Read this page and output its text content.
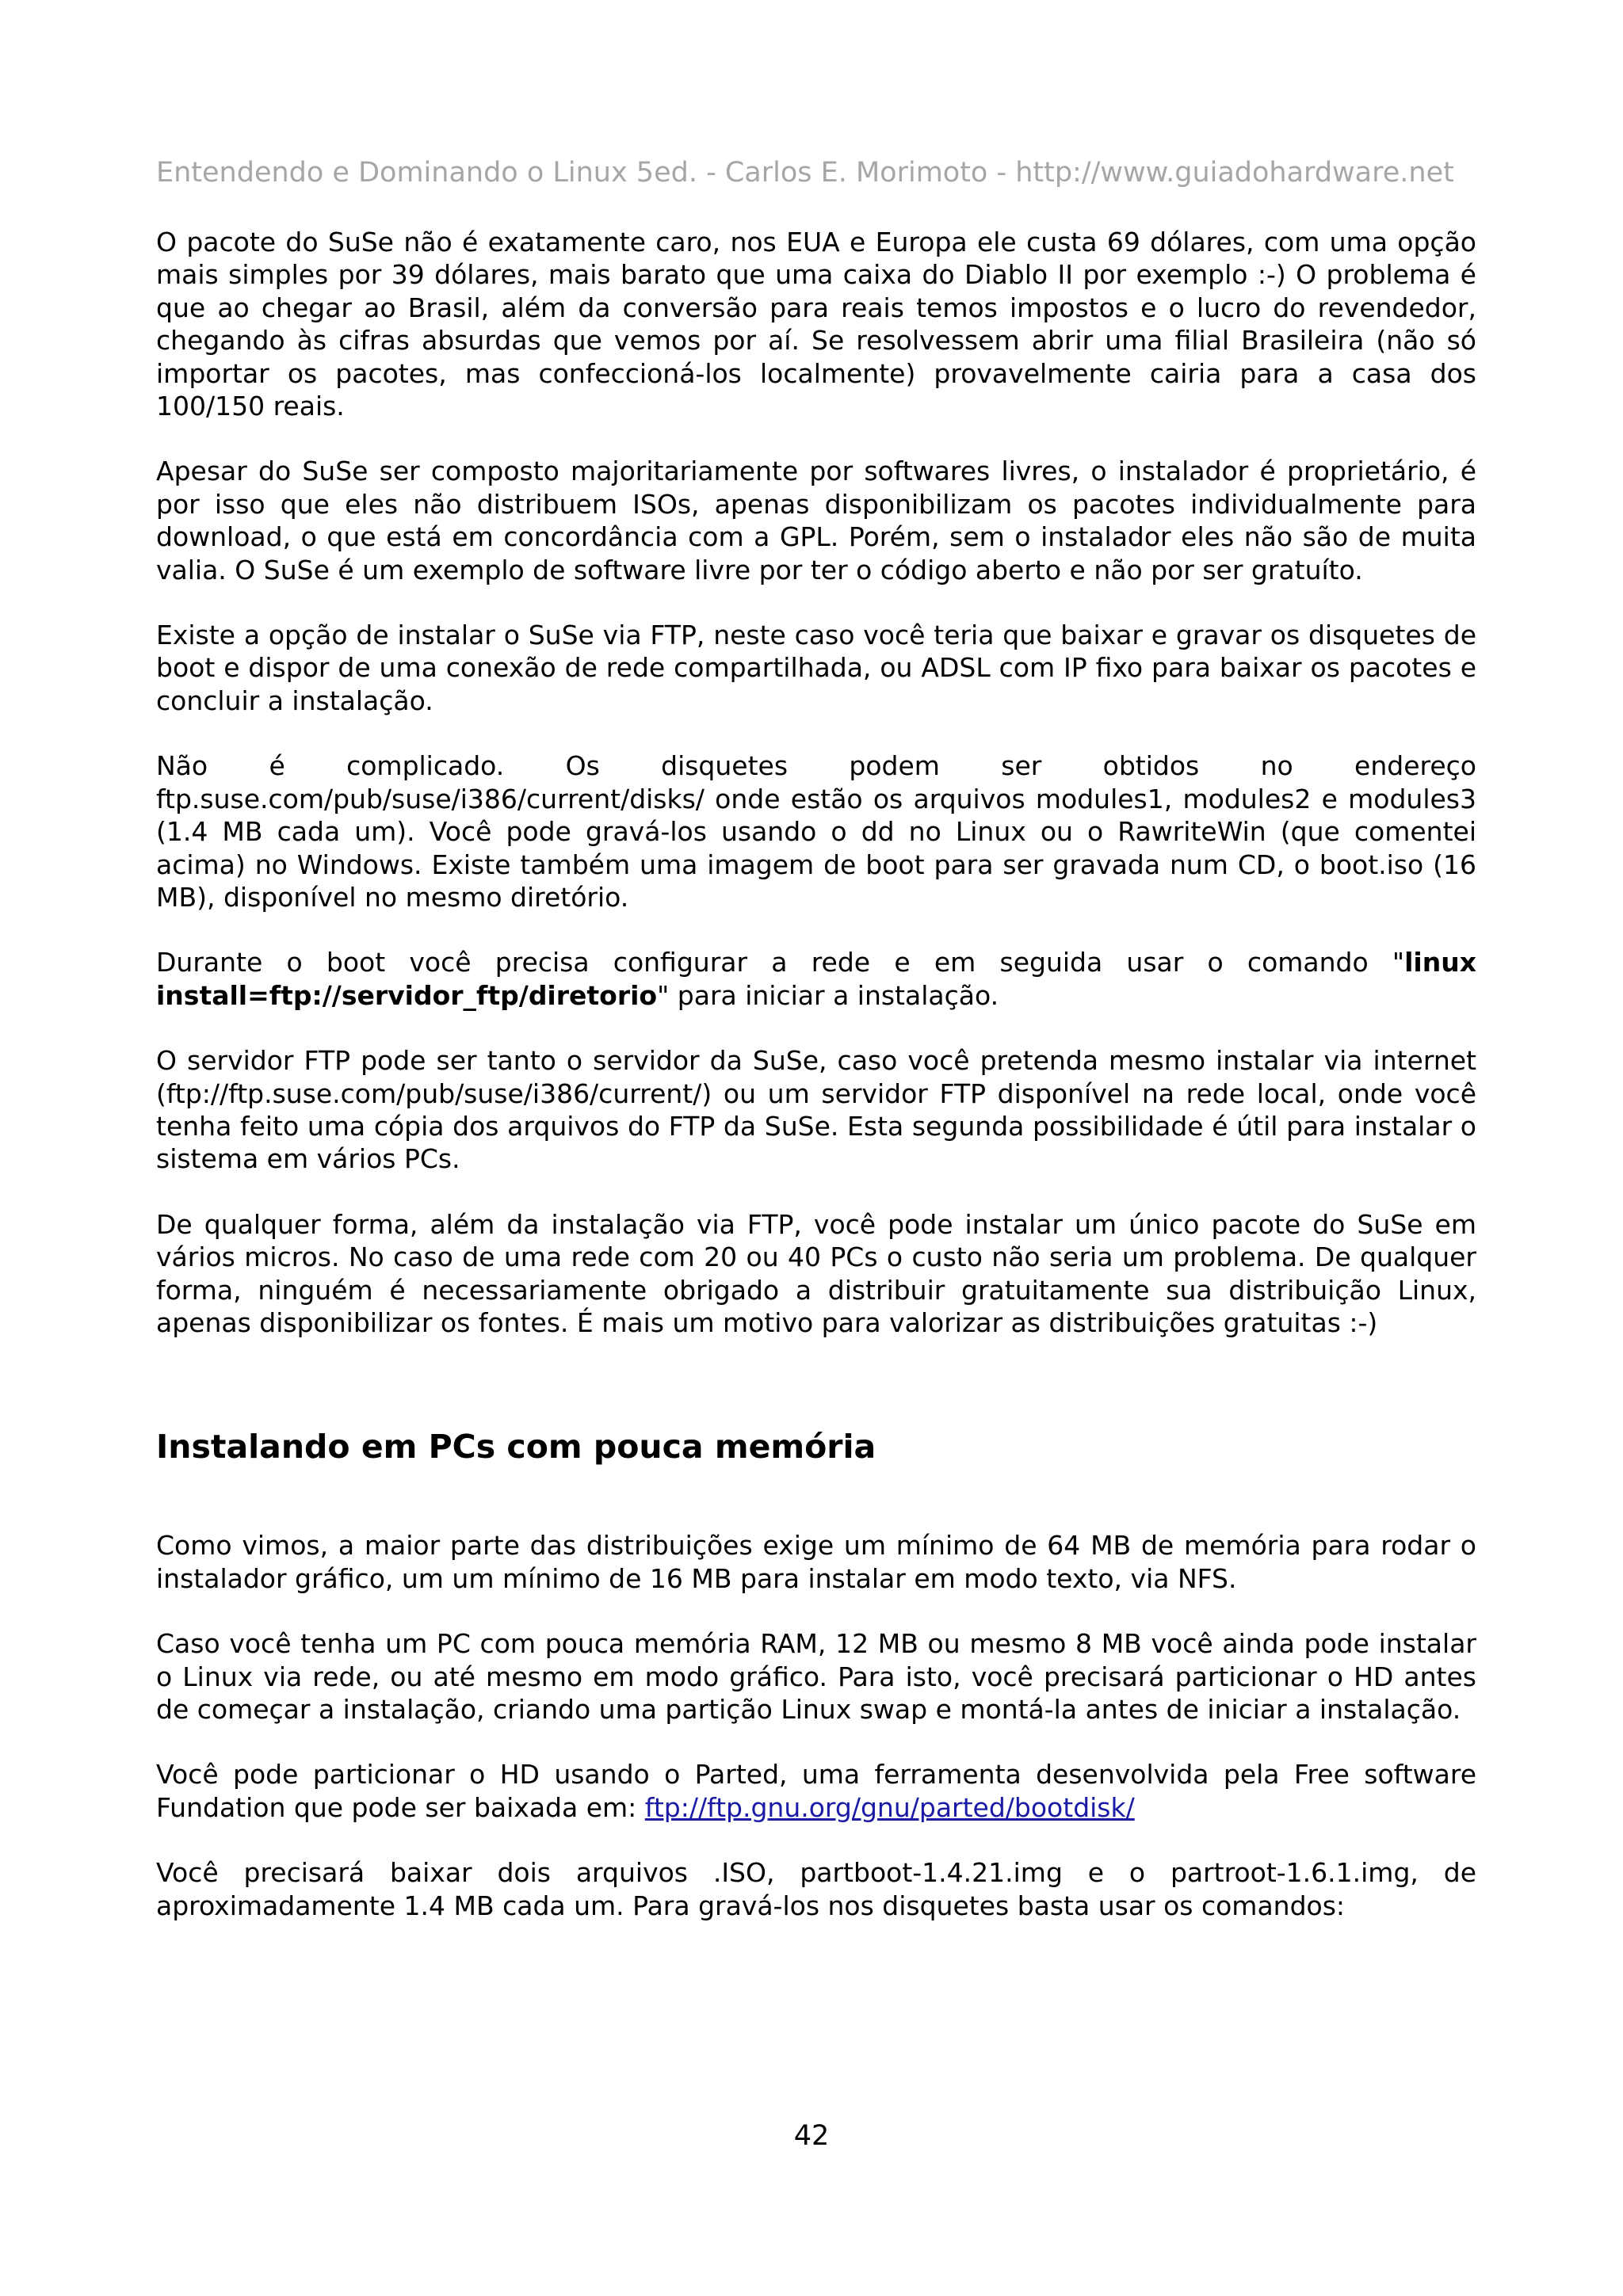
Entendendo e Dominando o Linux 5ed. - Carlos E. Morimoto - http://www.guiadohardware.net

O pacote do SuSe não é exatamente caro, nos EUA e Europa ele custa 69 dólares, com uma opção mais simples por 39 dólares, mais barato que uma caixa do Diablo II por exemplo :-) O problema é que ao chegar ao Brasil, além da conversão para reais temos impostos e o lucro do revendedor, chegando às cifras absurdas que vemos por aí. Se resolvessem abrir uma filial Brasileira (não só importar os pacotes, mas confeccioná-los localmente) provavelmente cairia para a casa dos 100/150 reais.

Apesar do SuSe ser composto majoritariamente por softwares livres, o instalador é proprietário, é por isso que eles não distribuem ISOs, apenas disponibilizam os pacotes individualmente para download, o que está em concordância com a GPL. Porém, sem o instalador eles não são de muita valia. O SuSe é um exemplo de software livre por ter o código aberto e não por ser gratuíto.

Existe a opção de instalar o SuSe via FTP, neste caso você teria que baixar e gravar os disquetes de boot e dispor de uma conexão de rede compartilhada, ou ADSL com IP fixo para baixar os pacotes e concluir a instalação.

Não é complicado. Os disquetes podem ser obtidos no endereço ftp.suse.com/pub/suse/i386/current/disks/ onde estão os arquivos modules1, modules2 e modules3 (1.4 MB cada um). Você pode gravá-los usando o dd no Linux ou o RawriteWin (que comentei acima) no Windows. Existe também uma imagem de boot para ser gravada num CD, o boot.iso (16 MB), disponível no mesmo diretório.

Durante o boot você precisa configurar a rede e em seguida usar o comando "linux install=ftp://servidor_ftp/diretorio" para iniciar a instalação.

O servidor FTP pode ser tanto o servidor da SuSe, caso você pretenda mesmo instalar via internet (ftp://ftp.suse.com/pub/suse/i386/current/) ou um servidor FTP disponível na rede local, onde você tenha feito uma cópia dos arquivos do FTP da SuSe. Esta segunda possibilidade é útil para instalar o sistema em vários PCs.

De qualquer forma, além da instalação via FTP, você pode instalar um único pacote do SuSe em vários micros. No caso de uma rede com 20 ou 40 PCs o custo não seria um problema. De qualquer forma, ninguém é necessariamente obrigado a distribuir gratuitamente sua distribuição Linux, apenas disponibilizar os fontes. É mais um motivo para valorizar as distribuições gratuitas :-)

Instalando em PCs com pouca memória

Como vimos, a maior parte das distribuições exige um mínimo de 64 MB de memória para rodar o instalador gráfico, um um mínimo de 16 MB para instalar em modo texto, via NFS.

Caso você tenha um PC com pouca memória RAM, 12 MB ou mesmo 8 MB você ainda pode instalar o Linux via rede, ou até mesmo em modo gráfico. Para isto, você precisará particionar o HD antes de começar a instalação, criando uma partição Linux swap e montá-la antes de iniciar a instalação.

Você pode particionar o HD usando o Parted, uma ferramenta desenvolvida pela Free software Fundation que pode ser baixada em: ftp://ftp.gnu.org/gnu/parted/bootdisk/

Você precisará baixar dois arquivos .ISO, partboot-1.4.21.img e o partroot-1.6.1.img, de aproximadamente 1.4 MB cada um. Para gravá-los nos disquetes basta usar os comandos:

42
